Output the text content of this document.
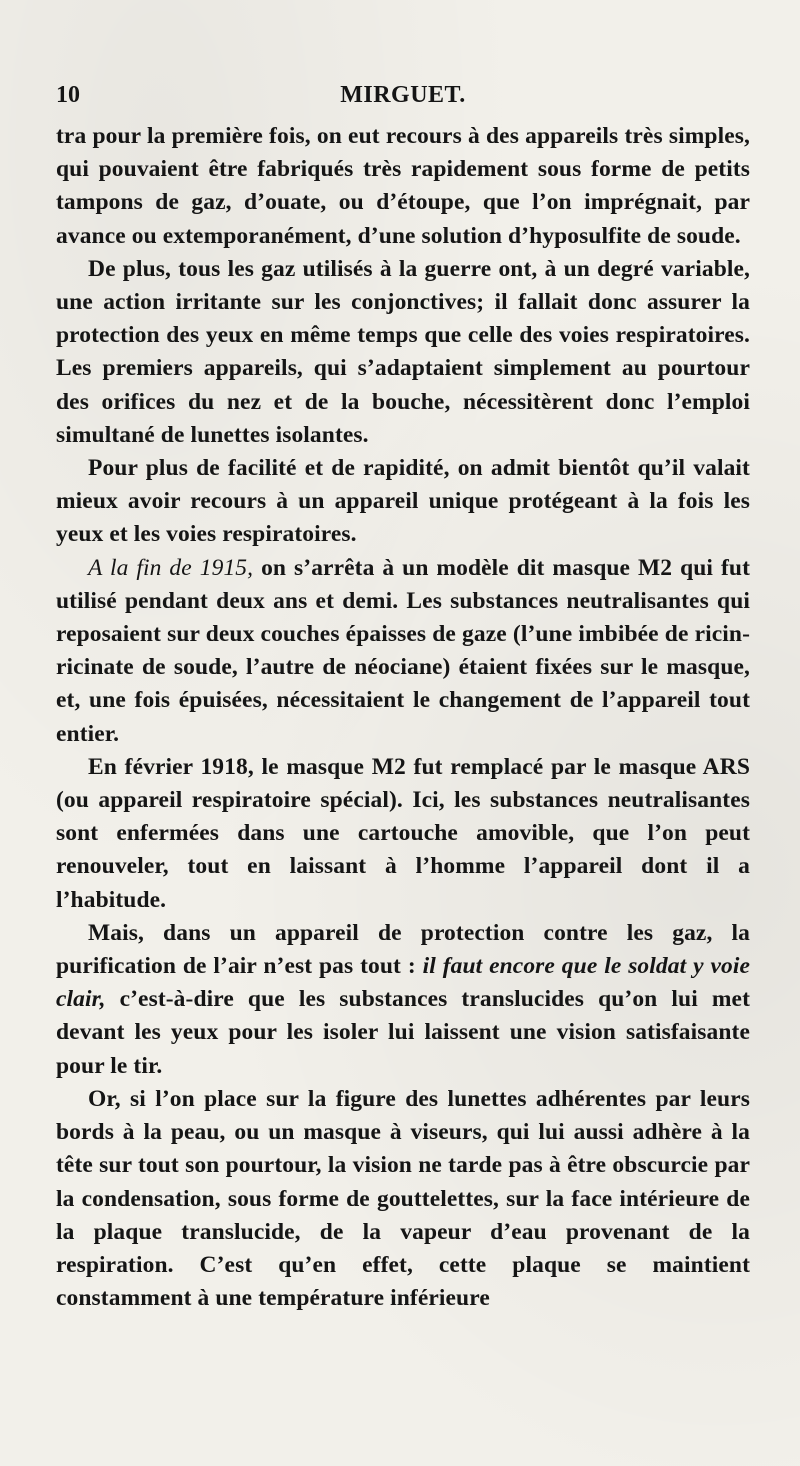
10	MIRGUET.

tra pour la première fois, on eut recours à des appareils très simples, qui pouvaient être fabriqués très rapidement sous forme de petits tampons de gaz, d’ouate, ou d’étoupe, que l’on imprégnait, par avance ou extemporanément, d’une solution d’hyposulfite de soude.

De plus, tous les gaz utilisés à la guerre ont, à un degré variable, une action irritante sur les conjonctives; il fallait donc assurer la protection des yeux en même temps que celle des voies respiratoires. Les premiers appareils, qui s’adaptaient simplement au pourtour des orifices du nez et de la bouche, nécessitèrent donc l’emploi simultané de lunettes isolantes.

Pour plus de facilité et de rapidité, on admit bientôt qu’il valait mieux avoir recours à un appareil unique protégeant à la fois les yeux et les voies respiratoires.

A la fin de 1915, on s’arrêta à un modèle dit masque M2 qui fut utilisé pendant deux ans et demi. Les substances neutralisantes qui reposaient sur deux couches épaisses de gaze (l’une imbibée de ricin-ricinate de soude, l’autre de néociane) étaient fixées sur le masque, et, une fois épuisées, nécessitaient le changement de l’appareil tout entier.

En février 1918, le masque M2 fut remplacé par le masque ARS (ou appareil respiratoire spécial). Ici, les substances neutralisantes sont enfermées dans une cartouche amovible, que l’on peut renouveler, tout en laissant à l’homme l’appareil dont il a l’habitude.

Mais, dans un appareil de protection contre les gaz, la purification de l’air n’est pas tout : il faut encore que le soldat y voie clair, c’est-à-dire que les substances translucides qu’on lui met devant les yeux pour les isoler lui laissent une vision satisfaisante pour le tir.

Or, si l’on place sur la figure des lunettes adhérentes par leurs bords à la peau, ou un masque à viseurs, qui lui aussi adhère à la tête sur tout son pourtour, la vision ne tarde pas à être obscurcie par la condensation, sous forme de gouttelettes, sur la face intérieure de la plaque translucide, de la vapeur d’eau provenant de la respiration. C’est qu’en effet, cette plaque se maintient constamment à une température inférieure
